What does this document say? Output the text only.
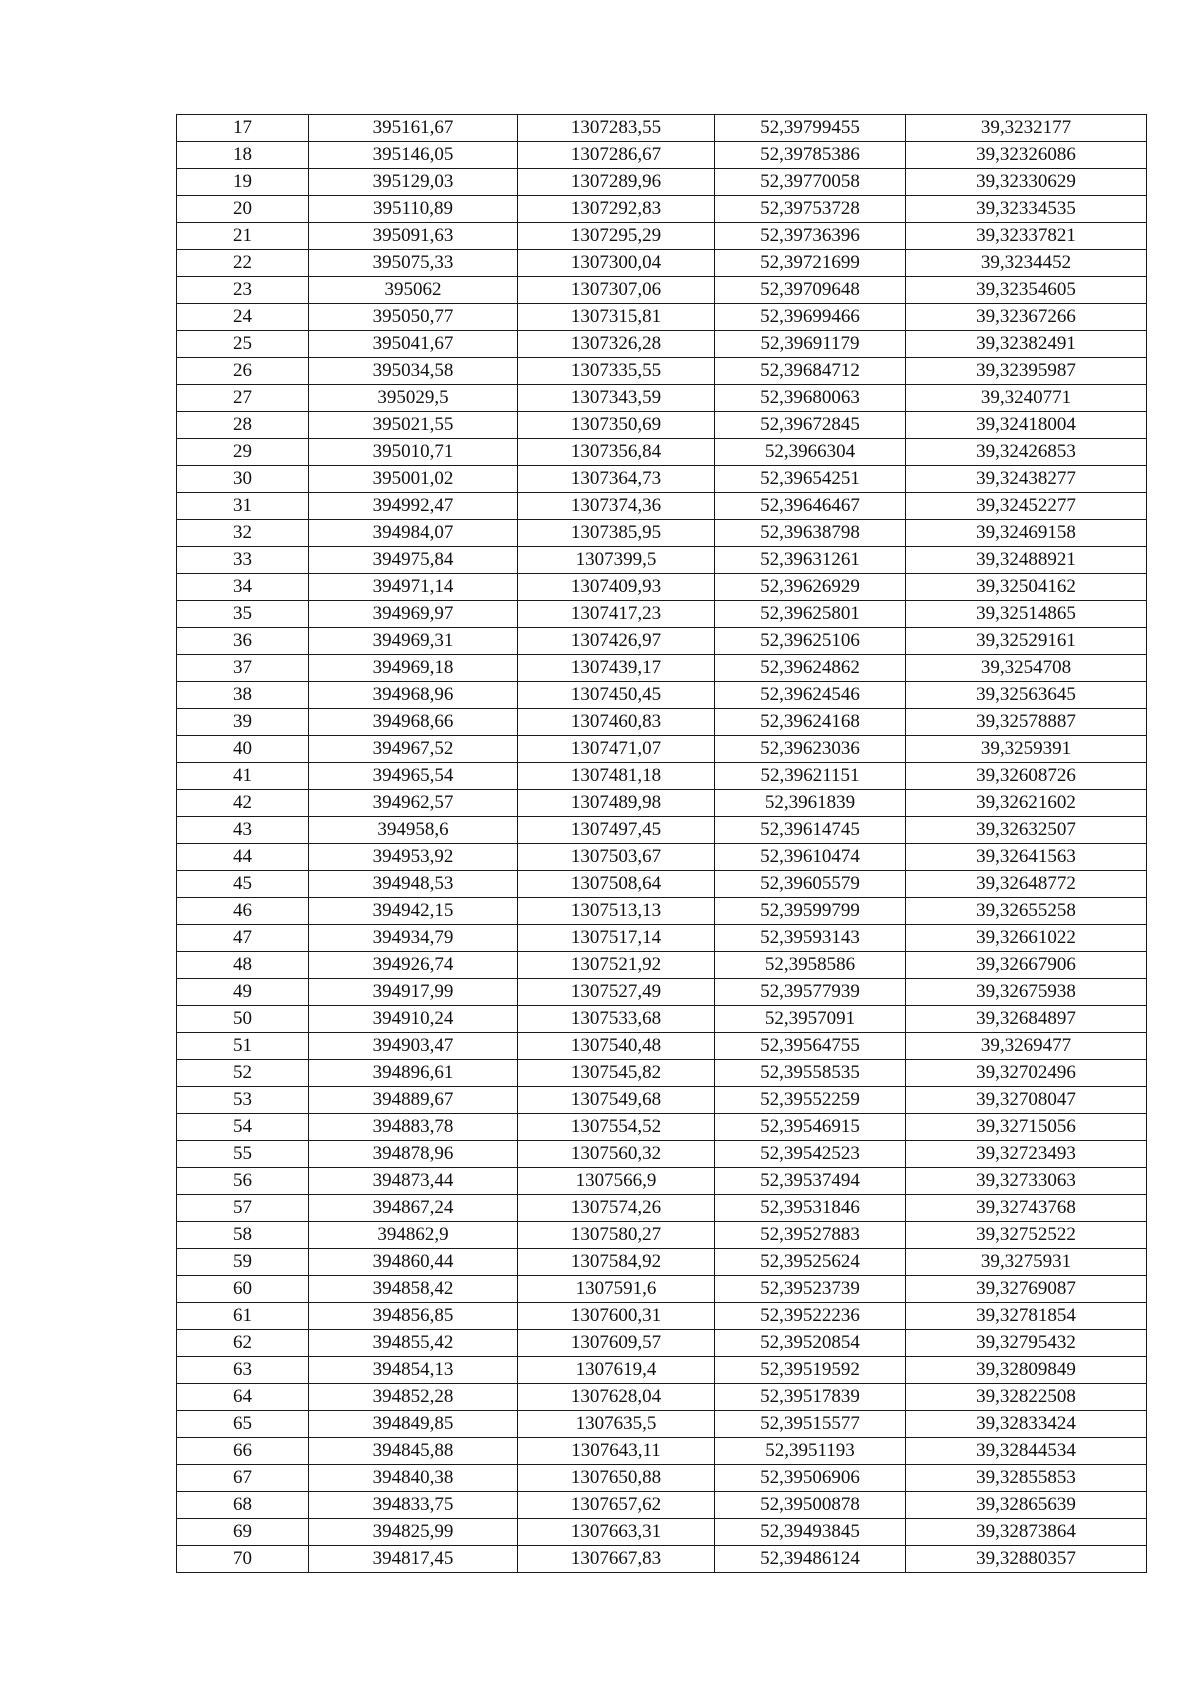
17	395161,67	1307283,55	52,39799455	39,3232177
18	395146,05	1307286,67	52,39785386	39,32326086
19	395129,03	1307289,96	52,39770058	39,32330629
20	395110,89	1307292,83	52,39753728	39,32334535
21	395091,63	1307295,29	52,39736396	39,32337821
22	395075,33	1307300,04	52,39721699	39,3234452
23	395062	1307307,06	52,39709648	39,32354605
24	395050,77	1307315,81	52,39699466	39,32367266
25	395041,67	1307326,28	52,39691179	39,32382491
26	395034,58	1307335,55	52,39684712	39,32395987
27	395029,5	1307343,59	52,39680063	39,3240771
28	395021,55	1307350,69	52,39672845	39,32418004
29	395010,71	1307356,84	52,3966304	39,32426853
30	395001,02	1307364,73	52,39654251	39,32438277
31	394992,47	1307374,36	52,39646467	39,32452277
32	394984,07	1307385,95	52,39638798	39,32469158
33	394975,84	1307399,5	52,39631261	39,32488921
34	394971,14	1307409,93	52,39626929	39,32504162
35	394969,97	1307417,23	52,39625801	39,32514865
36	394969,31	1307426,97	52,39625106	39,32529161
37	394969,18	1307439,17	52,39624862	39,3254708
38	394968,96	1307450,45	52,39624546	39,32563645
39	394968,66	1307460,83	52,39624168	39,32578887
40	394967,52	1307471,07	52,39623036	39,3259391
41	394965,54	1307481,18	52,39621151	39,32608726
42	394962,57	1307489,98	52,3961839	39,32621602
43	394958,6	1307497,45	52,39614745	39,32632507
44	394953,92	1307503,67	52,39610474	39,32641563
45	394948,53	1307508,64	52,39605579	39,32648772
46	394942,15	1307513,13	52,39599799	39,32655258
47	394934,79	1307517,14	52,39593143	39,32661022
48	394926,74	1307521,92	52,3958586	39,32667906
49	394917,99	1307527,49	52,39577939	39,32675938
50	394910,24	1307533,68	52,3957091	39,32684897
51	394903,47	1307540,48	52,39564755	39,3269477
52	394896,61	1307545,82	52,39558535	39,32702496
53	394889,67	1307549,68	52,39552259	39,32708047
54	394883,78	1307554,52	52,39546915	39,32715056
55	394878,96	1307560,32	52,39542523	39,32723493
56	394873,44	1307566,9	52,39537494	39,32733063
57	394867,24	1307574,26	52,39531846	39,32743768
58	394862,9	1307580,27	52,39527883	39,32752522
59	394860,44	1307584,92	52,39525624	39,3275931
60	394858,42	1307591,6	52,39523739	39,32769087
61	394856,85	1307600,31	52,39522236	39,32781854
62	394855,42	1307609,57	52,39520854	39,32795432
63	394854,13	1307619,4	52,39519592	39,32809849
64	394852,28	1307628,04	52,39517839	39,32822508
65	394849,85	1307635,5	52,39515577	39,32833424
66	394845,88	1307643,11	52,3951193	39,32844534
67	394840,38	1307650,88	52,39506906	39,32855853
68	394833,75	1307657,62	52,39500878	39,32865639
69	394825,99	1307663,31	52,39493845	39,32873864
70	394817,45	1307667,83	52,39486124	39,32880357
